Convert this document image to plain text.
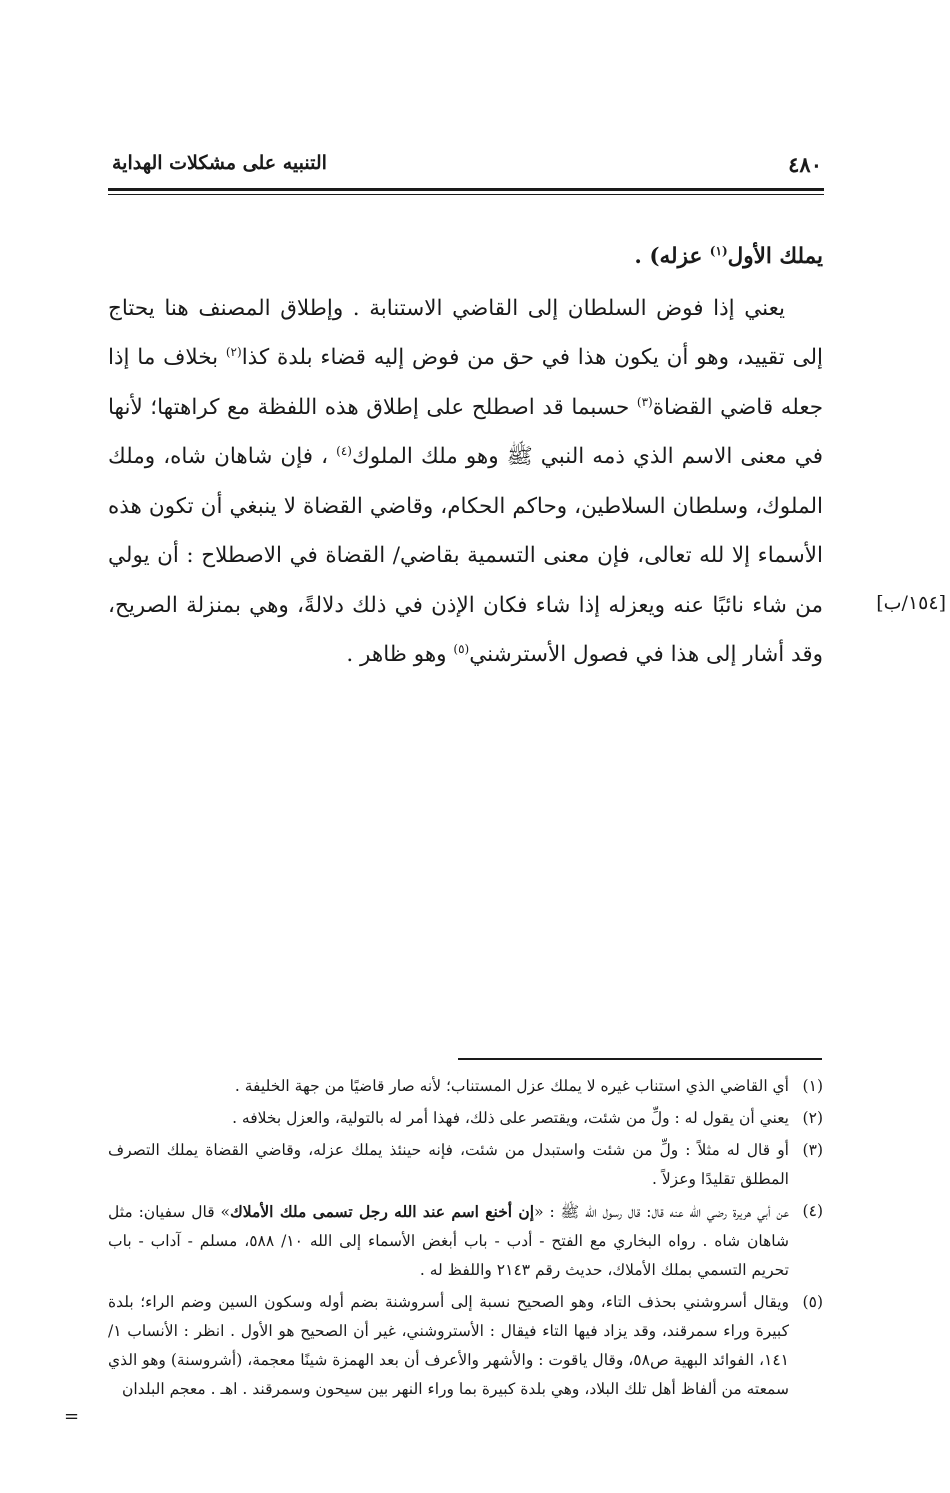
التنبيه على مشكلات الهداية	٤٨٠

يملك الأول$^{(١)}$ عزله) .

يعني إذا فوض السلطان إلى القاضي الاستنابة . وإطلاق المصنف هنا يحتاج إلى تقييد، وهو أن يكون هذا في حق من فوض إليه قضاء بلدة كذا$^{(٢)}$ بخلاف ما إذا جعله قاضي القضاة$^{(٣)}$ حسبما قد اصطلح على إطلاق هذه اللفظة مع كراهتها؛ لأنها في معنى الاسم الذي ذمه النبي ﷺ وهو ملك الملوك$^{(٤)}$ ، فإن شاهان شاه، وملك الملوك، وسلطان السلاطين، وحاكم الحكام، وقاضي القضاة لا ينبغي أن تكون هذه الأسماء إلا لله تعالى، فإن معنى التسمية بقاضي/ القضاة في الاصطلاح : أن يولي من شاء نائبًا عنه ويعزله إذا شاء فكان الإذن في ذلك دلالةً، وهي بمنزلة الصريح، وقد أشار إلى هذا في فصول الأسترشني$^{(٥)}$ وهو ظاهر .

[١٥٤/ب]
(١)
أي القاضي الذي استناب غيره لا يملك عزل المستناب؛ لأنه صار قاضيًا من جهة الخليفة .
(٢)
يعني أن يقول له : ولِّ من شئت، ويقتصر على ذلك، فهذا أمر له بالتولية، والعزل بخلافه .
(٣)
أو قال له مثلاً : ولِّ من شئت واستبدل من شئت، فإنه حينئذ يملك عزله، وقاضي القضاة يملك التصرف المطلق تقليدًا وعزلاً .
(٤)
عن أبي هريرة رضي الله عنه قال: قال رسول الله ﷺ : «إن أخنع اسم عند الله رجل تسمى ملك الأملاك» قال سفيان: مثل شاهان شاه . رواه البخاري مع الفتح - أدب - باب أبغض الأسماء إلى الله ١٠/ ٥٨٨، مسلم - آداب - باب تحريم التسمي بملك الأملاك، حديث رقم ٢١٤٣ واللفظ له .
(٥)
ويقال أسروشني بحذف التاء، وهو الصحيح نسبة إلى أسروشنة بضم أوله وسكون السين وضم الراء؛ بلدة كبيرة وراء سمرقند، وقد يزاد فيها التاء فيقال : الأستروشني، غير أن الصحيح هو الأول . انظر : الأنساب ١/ ١٤١، الفوائد البهية ص٥٨، وقال ياقوت : والأشهر والأعرف أن بعد الهمزة شينًا معجمة، (أشروسنة) وهو الذي سمعته من ألفاظ أهل تلك البلاد، وهي بلدة كبيرة بما وراء النهر بين سيحون وسمرقند . اهـ . معجم البلدان
=
